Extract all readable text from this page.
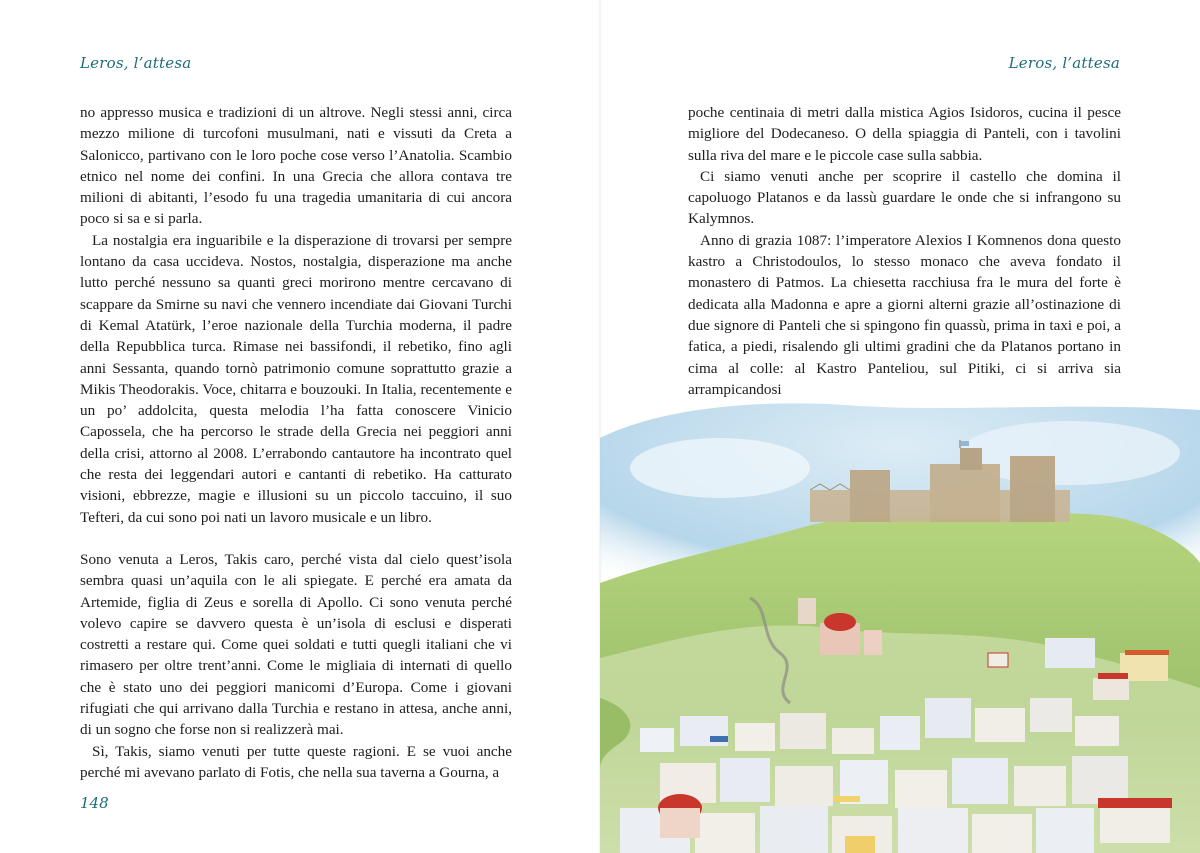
Leros, l’attesa

no appresso musica e tradizioni di un altrove. Negli stessi anni, circa mezzo milione di turcofoni musulmani, nati e vissuti da Creta a Salonicco, partivano con le loro poche cose verso l’Anatolia. Scambio etnico nel nome dei confini. In una Grecia che allora contava tre milioni di abitanti, l’esodo fu una tragedia umanitaria di cui ancora poco si sa e si parla.

La nostalgia era inguaribile e la disperazione di trovarsi per sempre lontano da casa uccideva. Nostos, nostalgia, disperazione ma anche lutto perché nessuno sa quanti greci morirono mentre cercavano di scappare da Smirne su navi che vennero incendiate dai Giovani Turchi di Kemal Atatürk, l’eroe nazionale della Turchia moderna, il padre della Repubblica turca. Rimase nei bassifondi, il rebetiko, fino agli anni Sessanta, quando tornò patrimonio comune soprattutto grazie a Mikis Theodorakis. Voce, chitarra e bouzouki. In Italia, recentemente e un po’ addolcita, questa melodia l’ha fatta conoscere Vinicio Capossela, che ha percorso le strade della Grecia nei peggiori anni della crisi, attorno al 2008. L’errabondo cantautore ha incontrato quel che resta dei leggendari autori e cantanti di rebetiko. Ha catturato visioni, ebbrezze, magie e illusioni su un piccolo taccuino, il suo Tefteri, da cui sono poi nati un lavoro musicale e un libro.

Sono venuta a Leros, Takis caro, perché vista dal cielo quest’isola sembra quasi un’aquila con le ali spiegate. E perché era amata da Artemide, figlia di Zeus e sorella di Apollo. Ci sono venuta perché volevo capire se davvero questa è un’isola di esclusi e disperati costretti a restare qui. Come quei soldati e tutti quegli italiani che vi rimasero per oltre trent’anni. Come le migliaia di internati di quello che è stato uno dei peggiori manicomi d’Europa. Come i giovani rifugiati che qui arrivano dalla Turchia e restano in attesa, anche anni, di un sogno che forse non si realizzerà mai.

Sì, Takis, siamo venuti per tutte queste ragioni. E se vuoi anche perché mi avevano parlato di Fotis, che nella sua taverna a Gourna, a

148
Leros, l’attesa

poche centinaia di metri dalla mistica Agios Isidoros, cucina il pesce migliore del Dodecaneso. O della spiaggia di Panteli, con i tavolini sulla riva del mare e le piccole case sulla sabbia.

Ci siamo venuti anche per scoprire il castello che domina il capoluogo Platanos e da lassù guardare le onde che si infrangono su Kalymnos.

Anno di grazia 1087: l’imperatore Alexios I Komnenos dona questo kastro a Christodoulos, lo stesso monaco che aveva fondato il monastero di Patmos. La chiesetta racchiusa fra le mura del forte è dedicata alla Madonna e apre a giorni alterni grazie all’ostinazione di due signore di Panteli che si spingono fin quassù, prima in taxi e poi, a fatica, a piedi, risalendo gli ultimi gradini che da Platanos portano in cima al colle: al Kastro Panteliou, sul Pitiki, ci si arriva sia arrampicandosi
